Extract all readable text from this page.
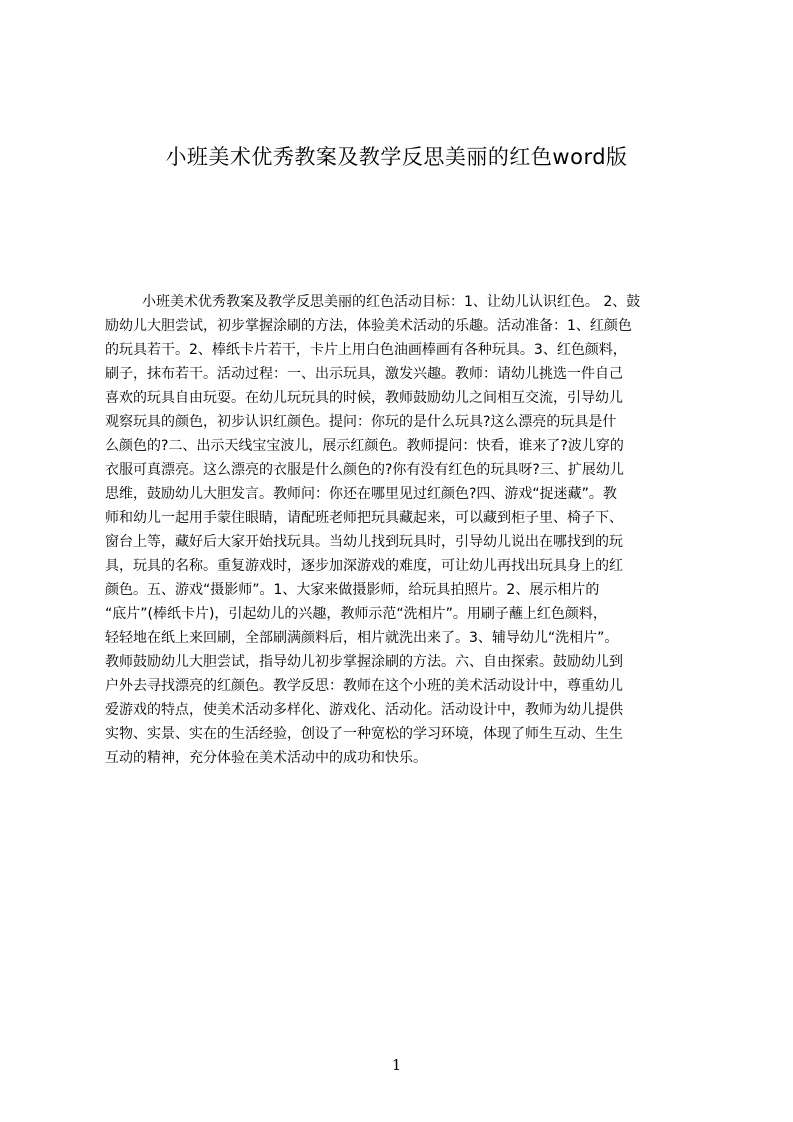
小班美术优秀教案及教学反思美丽的红色word版
小班美术优秀教案及教学反思美丽的红色活动目标：1、让幼儿认识红色。 2、鼓
励幼儿大胆尝试，初步掌握涂刷的方法，体验美术活动的乐趣。活动准备：1、红颜色
的玩具若干。2、棒纸卡片若干，卡片上用白色油画棒画有各种玩具。3、红色颜料，
刷子，抹布若干。活动过程：一、出示玩具，激发兴趣。教师：请幼儿挑选一件自己
喜欢的玩具自由玩耍。在幼儿玩玩具的时候，教师鼓励幼儿之间相互交流，引导幼儿
观察玩具的颜色，初步认识红颜色。提问：你玩的是什么玩具?这么漂亮的玩具是什
么颜色的?二、出示天线宝宝波儿，展示红颜色。教师提问：快看，谁来了?波儿穿的
衣服可真漂亮。这么漂亮的衣服是什么颜色的?你有没有红色的玩具呀?三、扩展幼儿
思维，鼓励幼儿大胆发言。教师问：你还在哪里见过红颜色?四、游戏“捉迷藏”。教
师和幼儿一起用手蒙住眼睛，请配班老师把玩具藏起来，可以藏到柜子里、椅子下、
窗台上等，藏好后大家开始找玩具。当幼儿找到玩具时，引导幼儿说出在哪找到的玩
具，玩具的名称。重复游戏时，逐步加深游戏的难度，可让幼儿再找出玩具身上的红
颜色。五、游戏“摄影师”。1、大家来做摄影师，给玩具拍照片。2、展示相片的
“底片”(棒纸卡片)，引起幼儿的兴趣，教师示范“洗相片”。用刷子蘸上红色颜料，
轻轻地在纸上来回刷，全部刷满颜料后，相片就洗出来了。3、辅导幼儿“洗相片”。
教师鼓励幼儿大胆尝试，指导幼儿初步掌握涂刷的方法。六、自由探索。鼓励幼儿到
户外去寻找漂亮的红颜色。教学反思：教师在这个小班的美术活动设计中，尊重幼儿
爱游戏的特点，使美术活动多样化、游戏化、活动化。活动设计中，教师为幼儿提供
实物、实景、实在的生活经验，创设了一种宽松的学习环境，体现了师生互动、生生
互动的精神，充分体验在美术活动中的成功和快乐。
1
